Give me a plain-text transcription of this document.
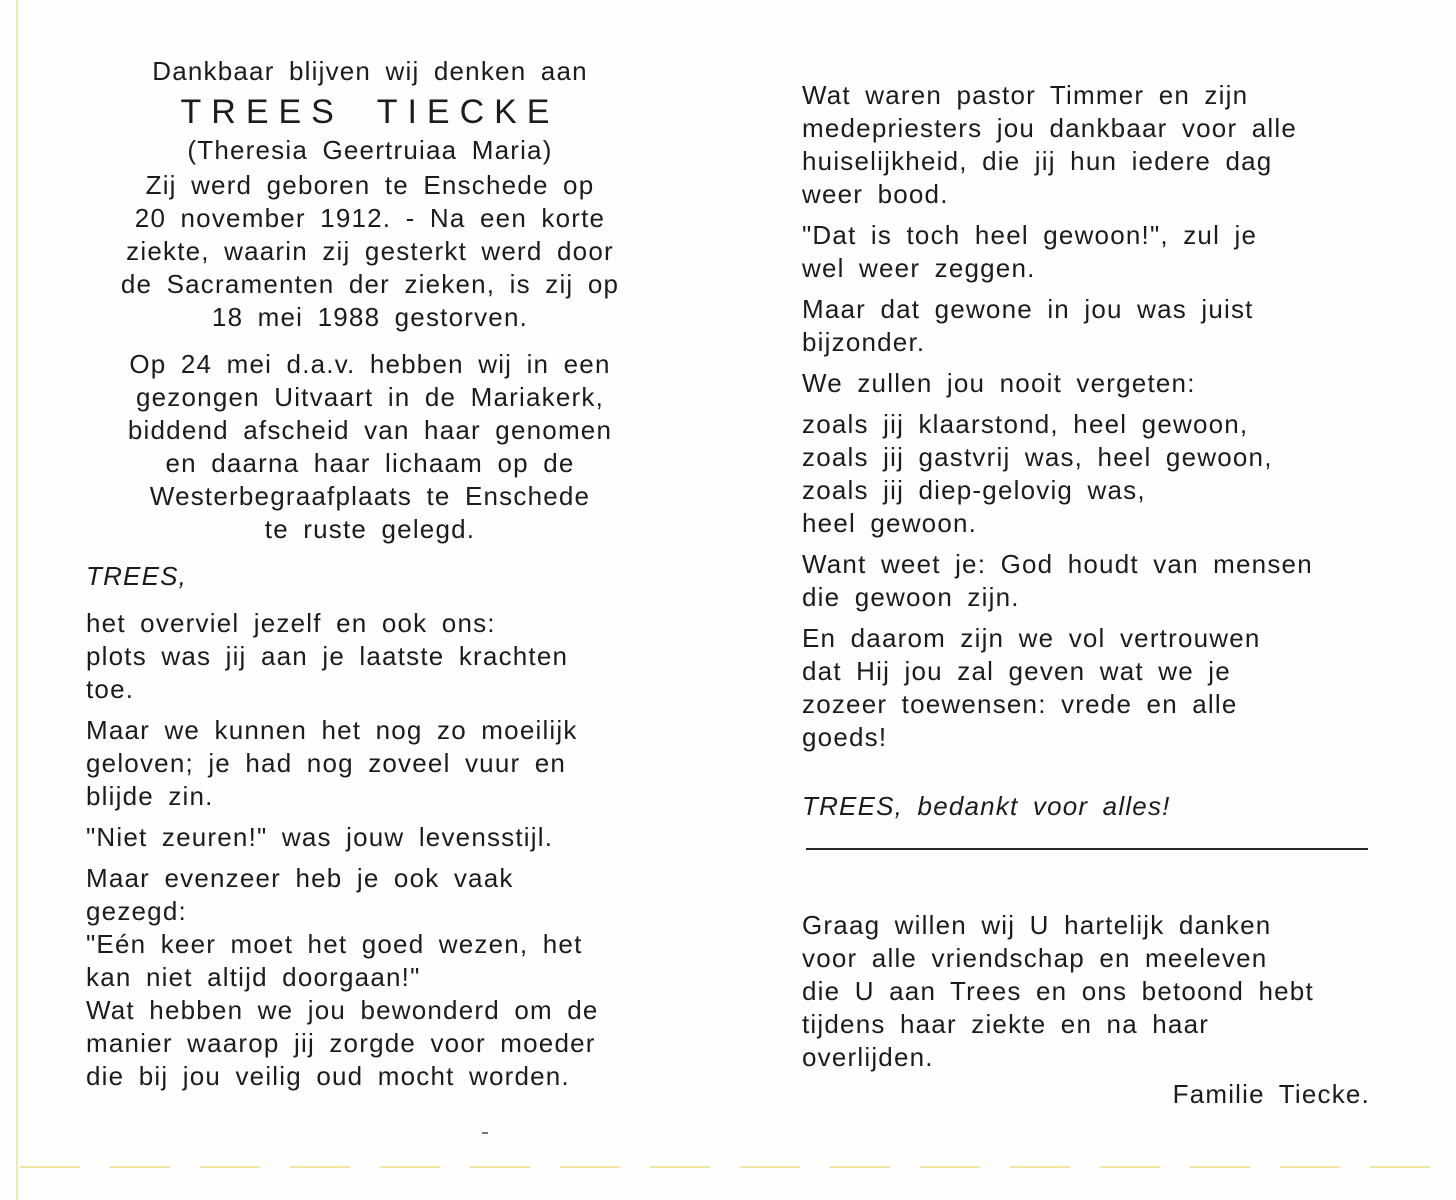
Dankbaar blijven wij denken aan
TREES TIECKE
(Theresia Geertruiaa Maria)
Zij werd geboren te Enschede op
20 november 1912. - Na een korte
ziekte, waarin zij gesterkt werd door
de Sacramenten der zieken, is zij op
18 mei 1988 gestorven.
Op 24 mei d.a.v. hebben wij in een
gezongen Uitvaart in de Mariakerk,
biddend afscheid van haar genomen
en daarna haar lichaam op de
Westerbegraafplaats te Enschede
te ruste gelegd.
TREES,
het overviel jezelf en ook ons:
plots was jij aan je laatste krachten
toe.
Maar we kunnen het nog zo moeilijk
geloven; je had nog zoveel vuur en
blijde zin.
"Niet zeuren!" was jouw levensstijl.
Maar evenzeer heb je ook vaak
gezegd:
"Eén keer moet het goed wezen, het
kan niet altijd doorgaan!"
Wat hebben we jou bewonderd om de
manier waarop jij zorgde voor moeder
die bij jou veilig oud mocht worden.
Wat waren pastor Timmer en zijn
medepriesters jou dankbaar voor alle
huiselijkheid, die jij hun iedere dag
weer bood.
"Dat is toch heel gewoon!", zul je
wel weer zeggen.
Maar dat gewone in jou was juist
bijzonder.
We zullen jou nooit vergeten:
zoals jij klaarstond, heel gewoon,
zoals jij gastvrij was, heel gewoon,
zoals jij diep-gelovig was,
heel gewoon.
Want weet je: God houdt van mensen
die gewoon zijn.
En daarom zijn we vol vertrouwen
dat Hij jou zal geven wat we je
zozeer toewensen: vrede en alle
goeds!
TREES, bedankt voor alles!
Graag willen wij U hartelijk danken
voor alle vriendschap en meeleven
die U aan Trees en ons betoond hebt
tijdens haar ziekte en na haar
overlijden.
Familie Tiecke.
